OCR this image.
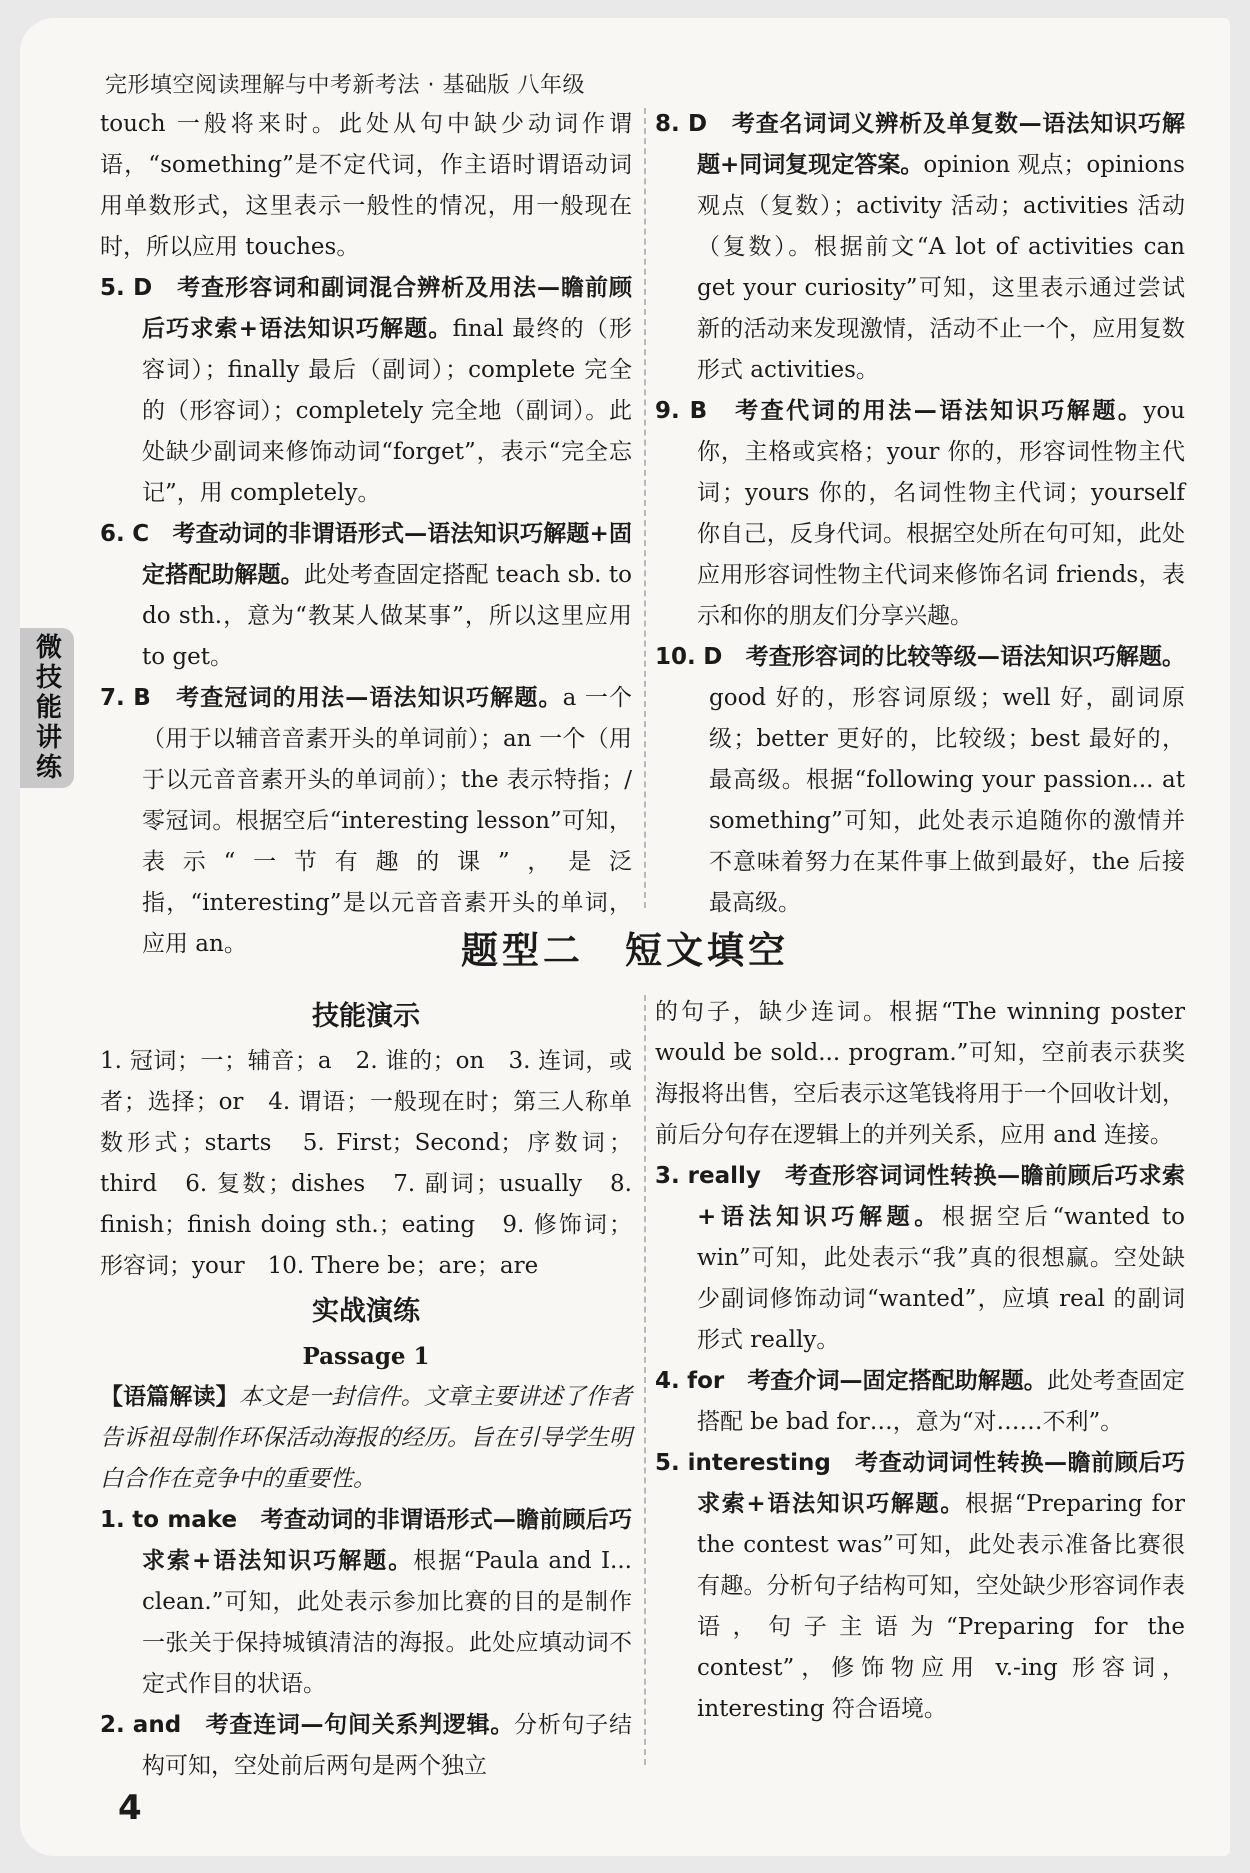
完形填空阅读理解与中考新考法 · 基础版 八年级
微技能讲练

touch 一般将来时。此处从句中缺少动词作谓语，“something”是不定代词，作主语时谓语动词用单数形式，这里表示一般性的情况，用一般现在时，所以应用 touches。

5. D　 考查形容词和副词混合辨析及用法—瞻前顾后巧求索+语法知识巧解题。final 最终的（形容词）；finally 最后（副词）；complete 完全的（形容词）；completely 完全地（副词）。此处缺少副词来修饰动词“forget”，表示“完全忘记”，用 completely。

6. C　 考查动词的非谓语形式—语法知识巧解题+固定搭配助解题。此处考查固定搭配 teach sb. to do sth.，意为“教某人做某事”，所以这里应用 to get。

7. B　 考查冠词的用法—语法知识巧解题。a 一个（用于以辅音音素开头的单词前）；an 一个（用于以元音音素开头的单词前）；the 表示特指；/零冠词。根据空后“interesting lesson”可知，表示“一节有趣的课”，是泛指，“interesting”是以元音音素开头的单词，应用 an。

8. D　 考查名词词义辨析及单复数—语法知识巧解题+同词复现定答案。opinion 观点；opinions 观点（复数）；activity 活动；activities 活动（复数）。根据前文“A lot of activities can get your curiosity”可知，这里表示通过尝试新的活动来发现激情，活动不止一个，应用复数形式 activities。

9. B　 考查代词的用法—语法知识巧解题。you 你，主格或宾格；your 你的，形容词性物主代词；yours 你的，名词性物主代词；yourself 你自己，反身代词。根据空处所在句可知，此处应用形容词性物主代词来修饰名词 friends，表示和你的朋友们分享兴趣。

10. D　 考查形容词的比较等级—语法知识巧解题。good 好的，形容词原级；well 好，副词原级；better 更好的，比较级；best 最好的，最高级。根据“following your passion... at something”可知，此处表示追随你的激情并不意味着努力在某件事上做到最好，the 后接最高级。

题型二　短文填空

技能演示

1. 冠词；一；辅音；a　2. 谁的；on　3. 连词，或者；选择；or　4. 谓语；一般现在时；第三人称单数形式；starts　5. First；Second；序数词；third　6. 复数；dishes　7. 副词；usually　8. finish；finish doing sth.；eating　9. 修饰词；形容词；your　10. There be；are；are

实战演练

Passage 1

【语篇解读】本文是一封信件。文章主要讲述了作者告诉祖母制作环保活动海报的经历。旨在引导学生明白合作在竞争中的重要性。

1. to make　 考查动词的非谓语形式—瞻前顾后巧求索+语法知识巧解题。根据“Paula and I... clean.”可知，此处表示参加比赛的目的是制作一张关于保持城镇清洁的海报。此处应填动词不定式作目的状语。

2. and　 考查连词—句间关系判逻辑。分析句子结构可知，空处前后两句是两个独立

的句子，缺少连词。根据“The winning poster would be sold... program.”可知，空前表示获奖海报将出售，空后表示这笔钱将用于一个回收计划，前后分句存在逻辑上的并列关系，应用 and 连接。

3. really　 考查形容词词性转换—瞻前顾后巧求索+语法知识巧解题。根据空后“wanted to win”可知，此处表示“我”真的很想赢。空处缺少副词修饰动词“wanted”，应填 real 的副词形式 really。

4. for　 考查介词—固定搭配助解题。此处考查固定搭配 be bad for…，意为“对……不利”。

5. interesting　 考查动词词性转换—瞻前顾后巧求索+语法知识巧解题。根据“Preparing for the contest was”可知，此处表示准备比赛很有趣。分析句子结构可知，空处缺少形容词作表语，句子主语为“Preparing for the contest”，修饰物应用 v.-ing 形容词，interesting 符合语境。

4
